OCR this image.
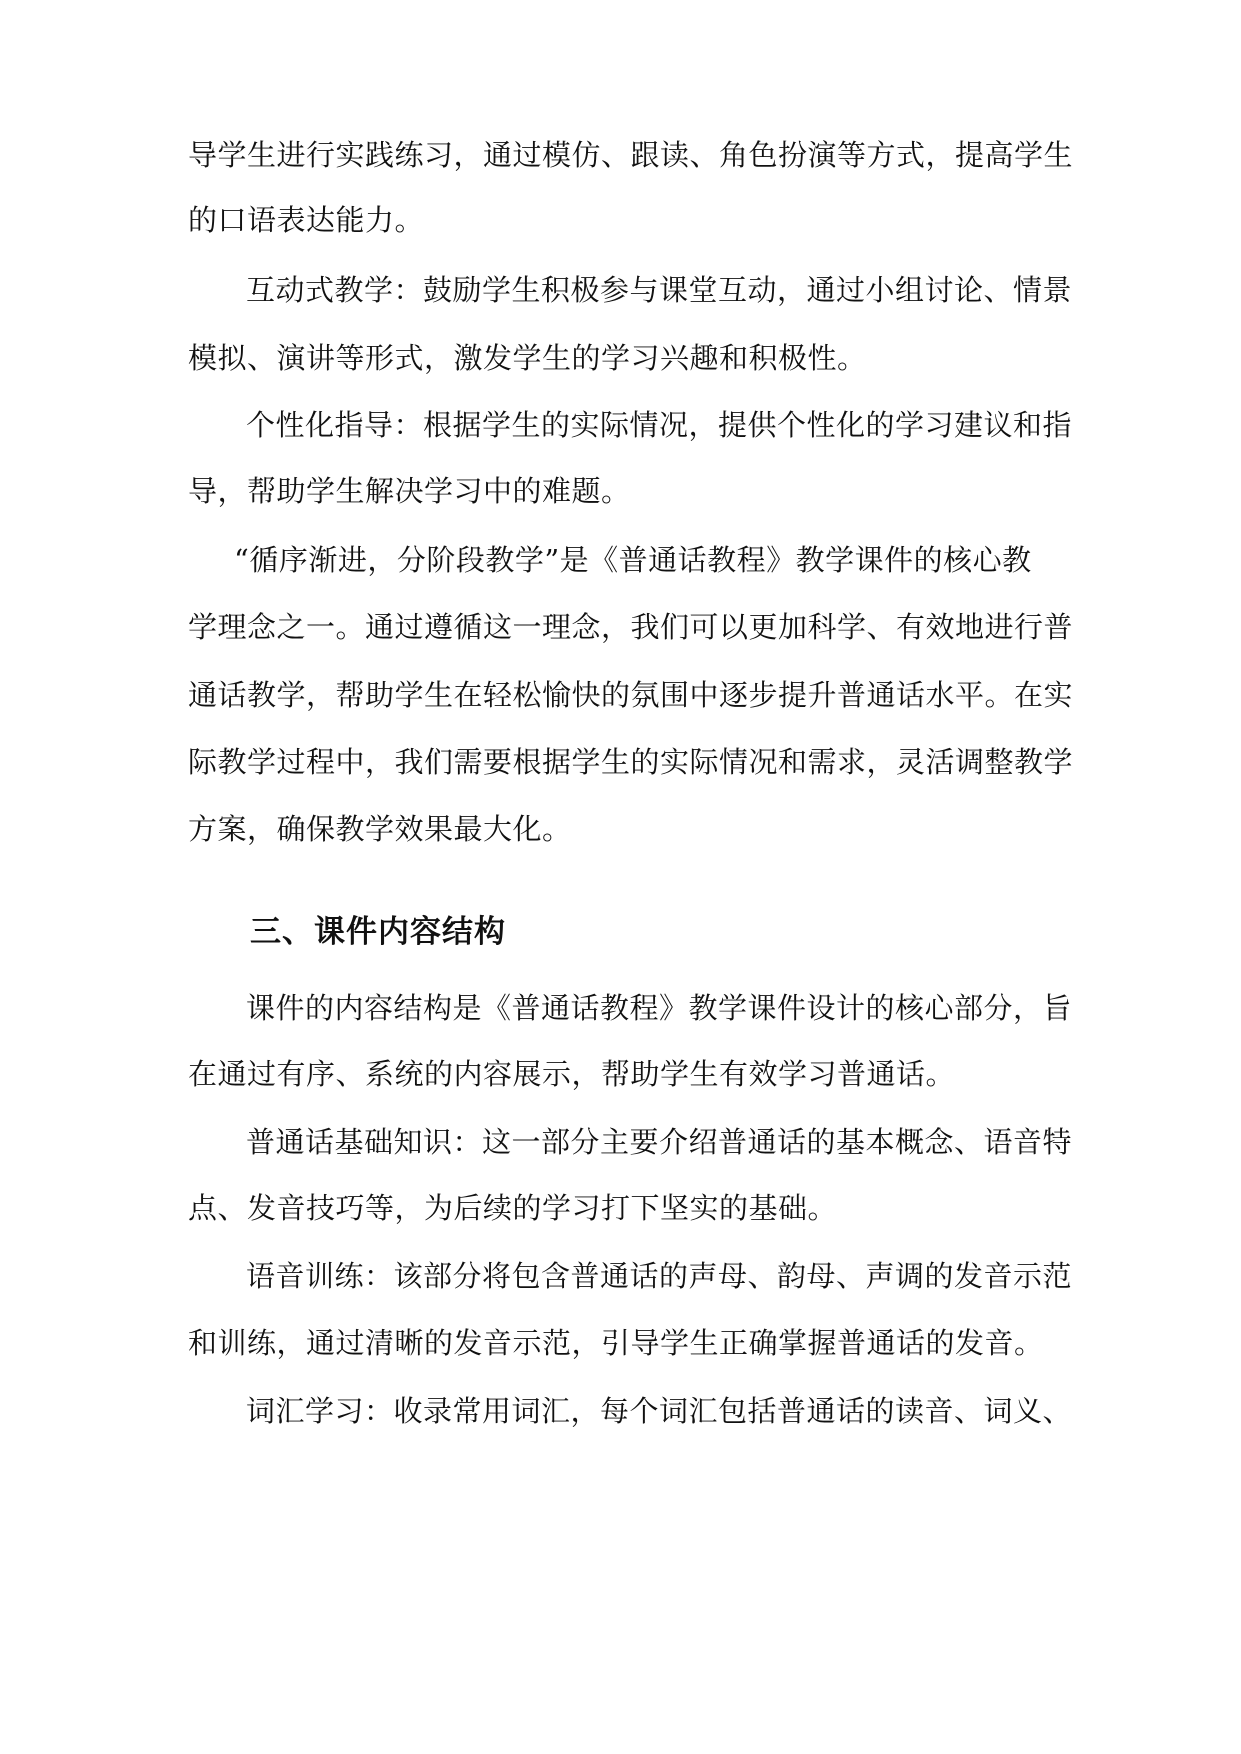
导学生进行实践练习，通过模仿、跟读、角色扮演等方式，提高学生
的口语表达能力。
互动式教学：鼓励学生积极参与课堂互动，通过小组讨论、情景
模拟、演讲等形式，激发学生的学习兴趣和积极性。
个性化指导：根据学生的实际情况，提供个性化的学习建议和指
导，帮助学生解决学习中的难题。
“循序渐进，分阶段教学”是《普通话教程》教学课件的核心教
学理念之一。通过遵循这一理念，我们可以更加科学、有效地进行普
通话教学，帮助学生在轻松愉快的氛围中逐步提升普通话水平。在实
际教学过程中，我们需要根据学生的实际情况和需求，灵活调整教学
方案，确保教学效果最大化。
三、课件内容结构
课件的内容结构是《普通话教程》教学课件设计的核心部分，旨
在通过有序、系统的内容展示，帮助学生有效学习普通话。
普通话基础知识：这一部分主要介绍普通话的基本概念、语音特
点、发音技巧等，为后续的学习打下坚实的基础。
语音训练：该部分将包含普通话的声母、韵母、声调的发音示范
和训练，通过清晰的发音示范，引导学生正确掌握普通话的发音。
词汇学习：收录常用词汇，每个词汇包括普通话的读音、词义、
